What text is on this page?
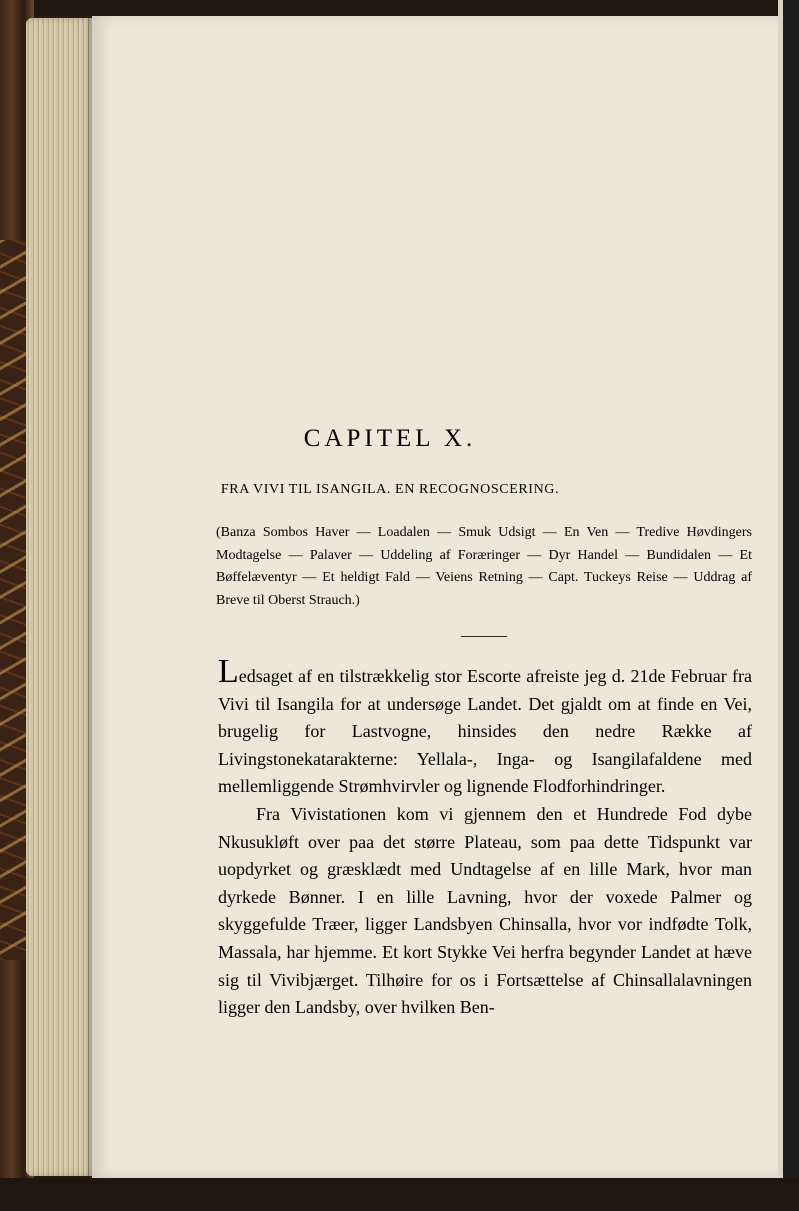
CAPITEL X.
FRA VIVI TIL ISANGILA. EN RECOGNOSCERING.
(Banza Sombos Haver — Loadalen — Smuk Udsigt — En Ven — Tredive Høvdingers Modtagelse — Palaver — Uddeling af Foræringer — Dyr Handel — Bundidalen — Et Bøffelæventyr — Et heldigt Fald — Veiens Retning — Capt. Tuckeys Reise — Uddrag af Breve til Oberst Strauch.)

Ledsaget af en tilstrækkelig stor Escorte afreiste jeg d. 21de Februar fra Vivi til Isangila for at undersøge Landet. Det gjaldt om at finde en Vei, brugelig for Lastvogne, hinsides den nedre Række af Livingstonekatarakterne: Yellala-, Inga- og Isangilafaldene med mellemliggende Strømhvirvler og lignende Flodforhindringer.

Fra Vivistationen kom vi gjennem den et Hundrede Fod dybe Nkusukløft over paa det større Plateau, som paa dette Tidspunkt var uopdyrket og græsklædt med Undtagelse af en lille Mark, hvor man dyrkede Bønner. I en lille Lavning, hvor der voxede Palmer og skyggefulde Træer, ligger Landsbyen Chinsalla, hvor vor indfødte Tolk, Massala, har hjemme. Et kort Stykke Vei herfra begynder Landet at hæve sig til Vivibjærget. Tilhøire for os i Fortsættelse af Chinsallalavningen ligger den Landsby, over hvilken Ben-
